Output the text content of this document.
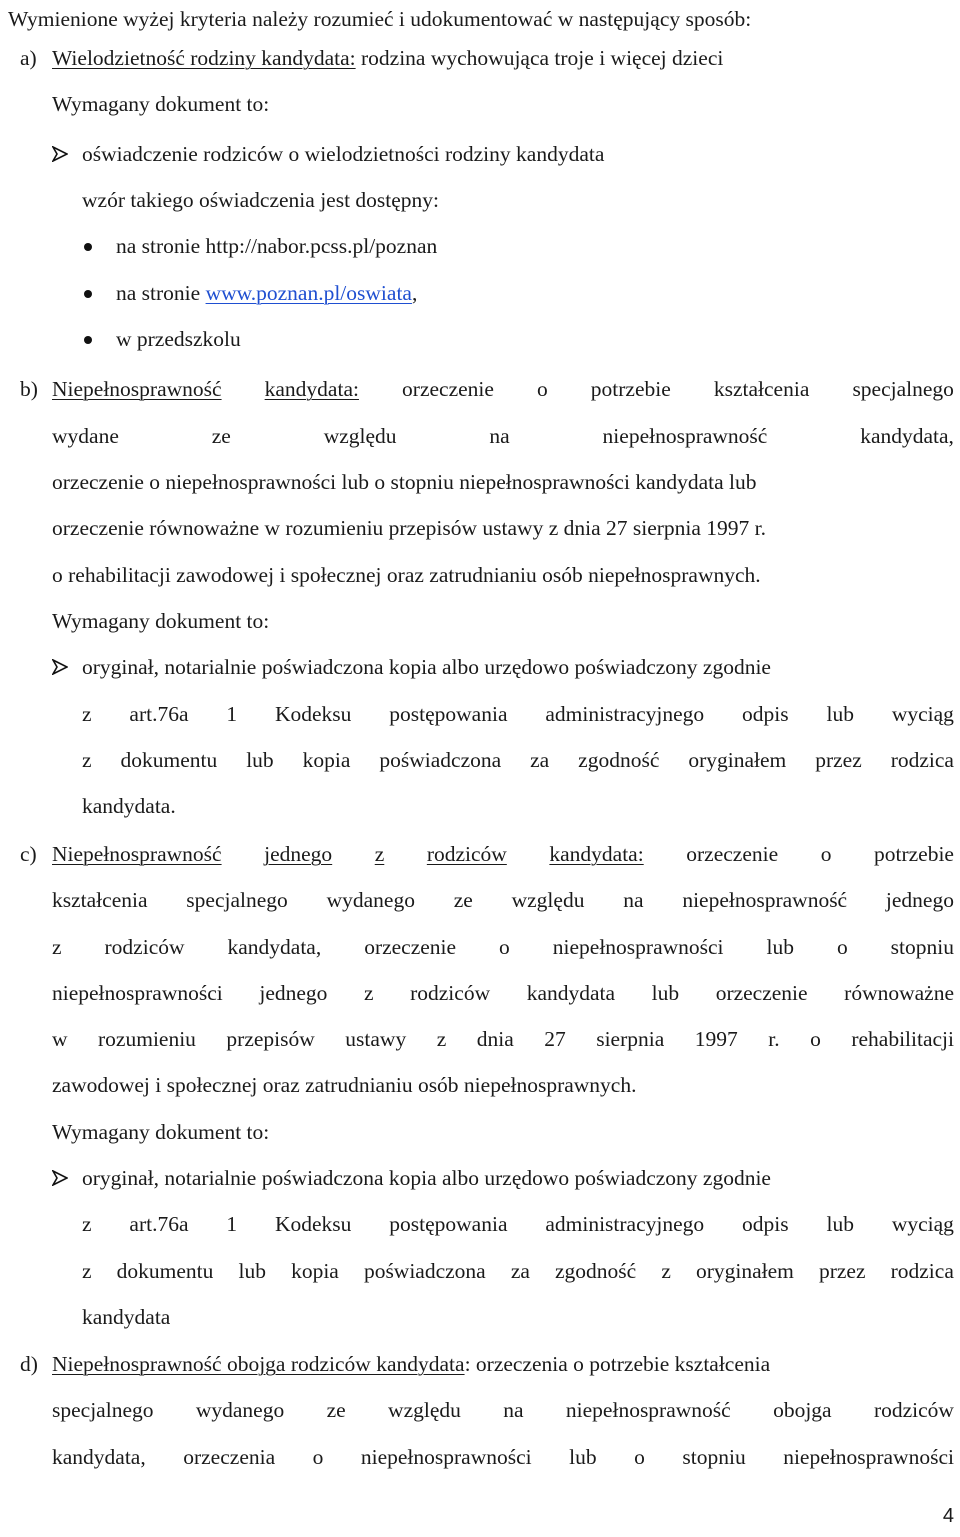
Wymienione wyżej kryteria należy rozumieć i udokumentować w następujący sposób:
a) Wielodzietność rodziny kandydata: rodzina wychowująca troje i więcej dzieci
Wymagany dokument to:
oświadczenie rodziców o wielodzietności rodziny kandydata
wzór takiego oświadczenia jest dostępny:
na stronie http://nabor.pcss.pl/poznan
na stronie www.poznan.pl/oswiata,
w przedszkolu
b) Niepełnosprawność kandydata: orzeczenie o potrzebie kształcenia specjalnego
wydane	ze	względu	na	niepełnosprawność	kandydata,
orzeczenie o niepełnosprawności lub o stopniu niepełnosprawności kandydata lub
orzeczenie równoważne w rozumieniu przepisów ustawy z dnia 27 sierpnia 1997 r.
o rehabilitacji zawodowej i społecznej oraz zatrudnianiu osób niepełnosprawnych.
Wymagany dokument to:
oryginał, notarialnie poświadczona kopia albo urzędowo poświadczony zgodnie
z art.76a 1 Kodeksu postępowania administracyjnego odpis lub wyciąg
z dokumentu lub kopia poświadczona za zgodność oryginałem przez rodzica
kandydata.
c) Niepełnosprawność jednego z rodziców kandydata: orzeczenie o potrzebie
kształcenia specjalnego wydanego ze względu na niepełnosprawność jednego
z rodziców kandydata, orzeczenie o niepełnosprawności lub o stopniu
niepełnosprawności jednego z rodziców kandydata lub orzeczenie równoważne
w rozumieniu przepisów ustawy z dnia 27 sierpnia 1997 r. o rehabilitacji
zawodowej i społecznej oraz zatrudnianiu osób niepełnosprawnych.
Wymagany dokument to:
oryginał, notarialnie poświadczona kopia albo urzędowo poświadczony zgodnie
z art.76a 1 Kodeksu postępowania administracyjnego odpis lub wyciąg
z dokumentu lub kopia poświadczona za zgodność z oryginałem przez rodzica
kandydata
d) Niepełnosprawność obojga rodziców kandydata: orzeczenia o potrzebie kształcenia
specjalnego wydanego ze względu na niepełnosprawność obojga rodziców
kandydata, orzeczenia o niepełnosprawności lub o stopniu niepełnosprawności
4
